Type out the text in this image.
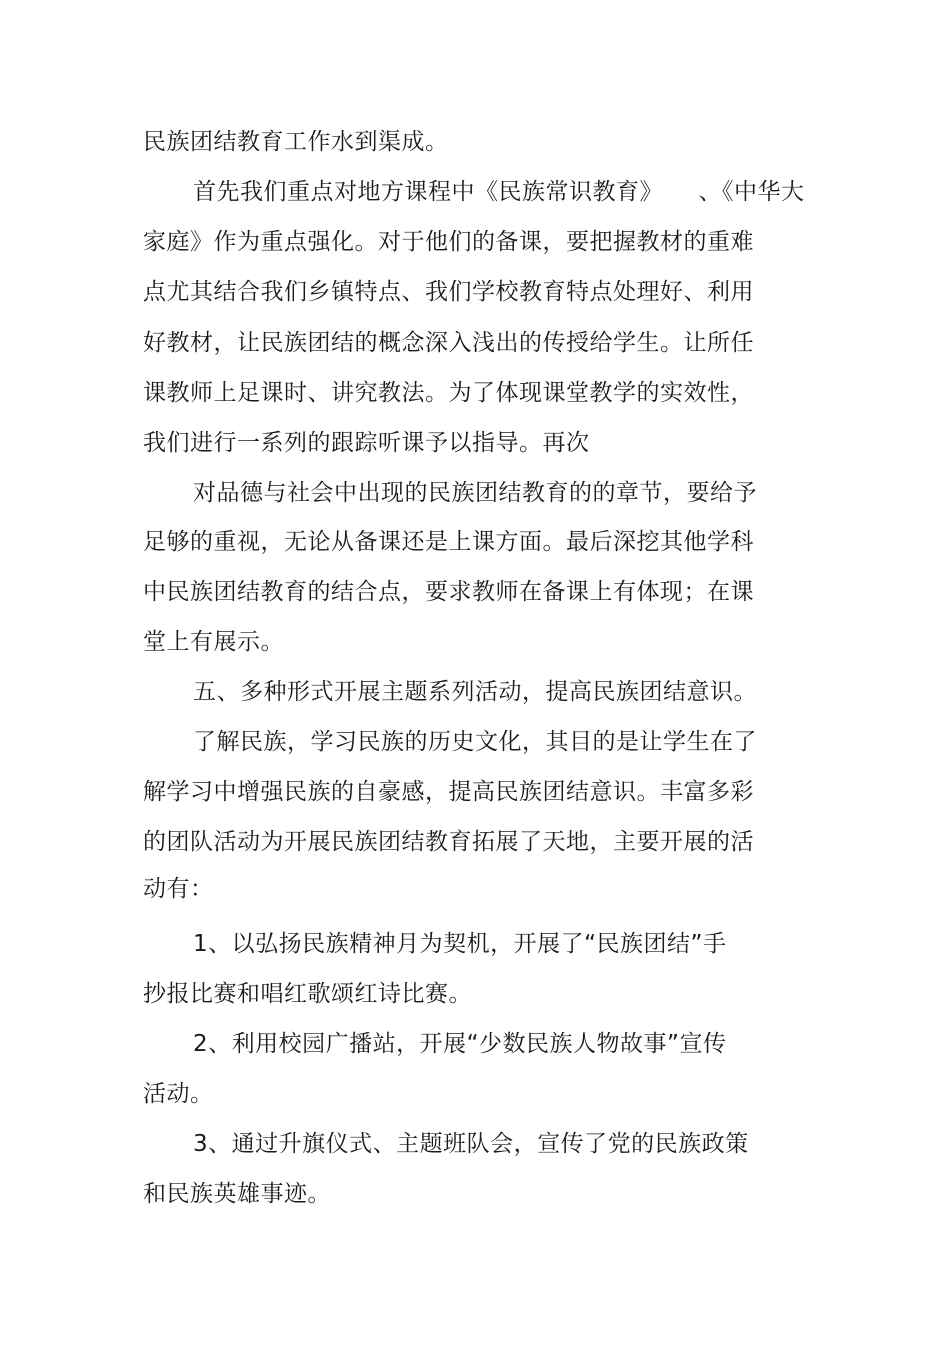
民族团结教育工作水到渠成。

首先我们重点对地方课程中《民族常识教育》　　、《中华大

家庭》作为重点强化。对于他们的备课，要把握教材的重难

点尤其结合我们乡镇特点、我们学校教育特点处理好、利用

好教材，让民族团结的概念深入浅出的传授给学生。让所任

课教师上足课时、讲究教法。为了体现课堂教学的实效性，

我们进行一系列的跟踪听课予以指导。再次

对品德与社会中出现的民族团结教育的的章节，要给予

足够的重视，无论从备课还是上课方面。最后深挖其他学科

中民族团结教育的结合点，要求教师在备课上有体现；在课

堂上有展示。

五、多种形式开展主题系列活动，提高民族团结意识。

了解民族，学习民族的历史文化，其目的是让学生在了

解学习中增强民族的自豪感，提高民族团结意识。丰富多彩

的团队活动为开展民族团结教育拓展了天地，主要开展的活

动有：

1、以弘扬民族精神月为契机，开展了“民族团结”手

抄报比赛和唱红歌颂红诗比赛。

2、利用校园广播站，开展“少数民族人物故事”宣传

活动。

3、通过升旗仪式、主题班队会，宣传了党的民族政策

和民族英雄事迹。
